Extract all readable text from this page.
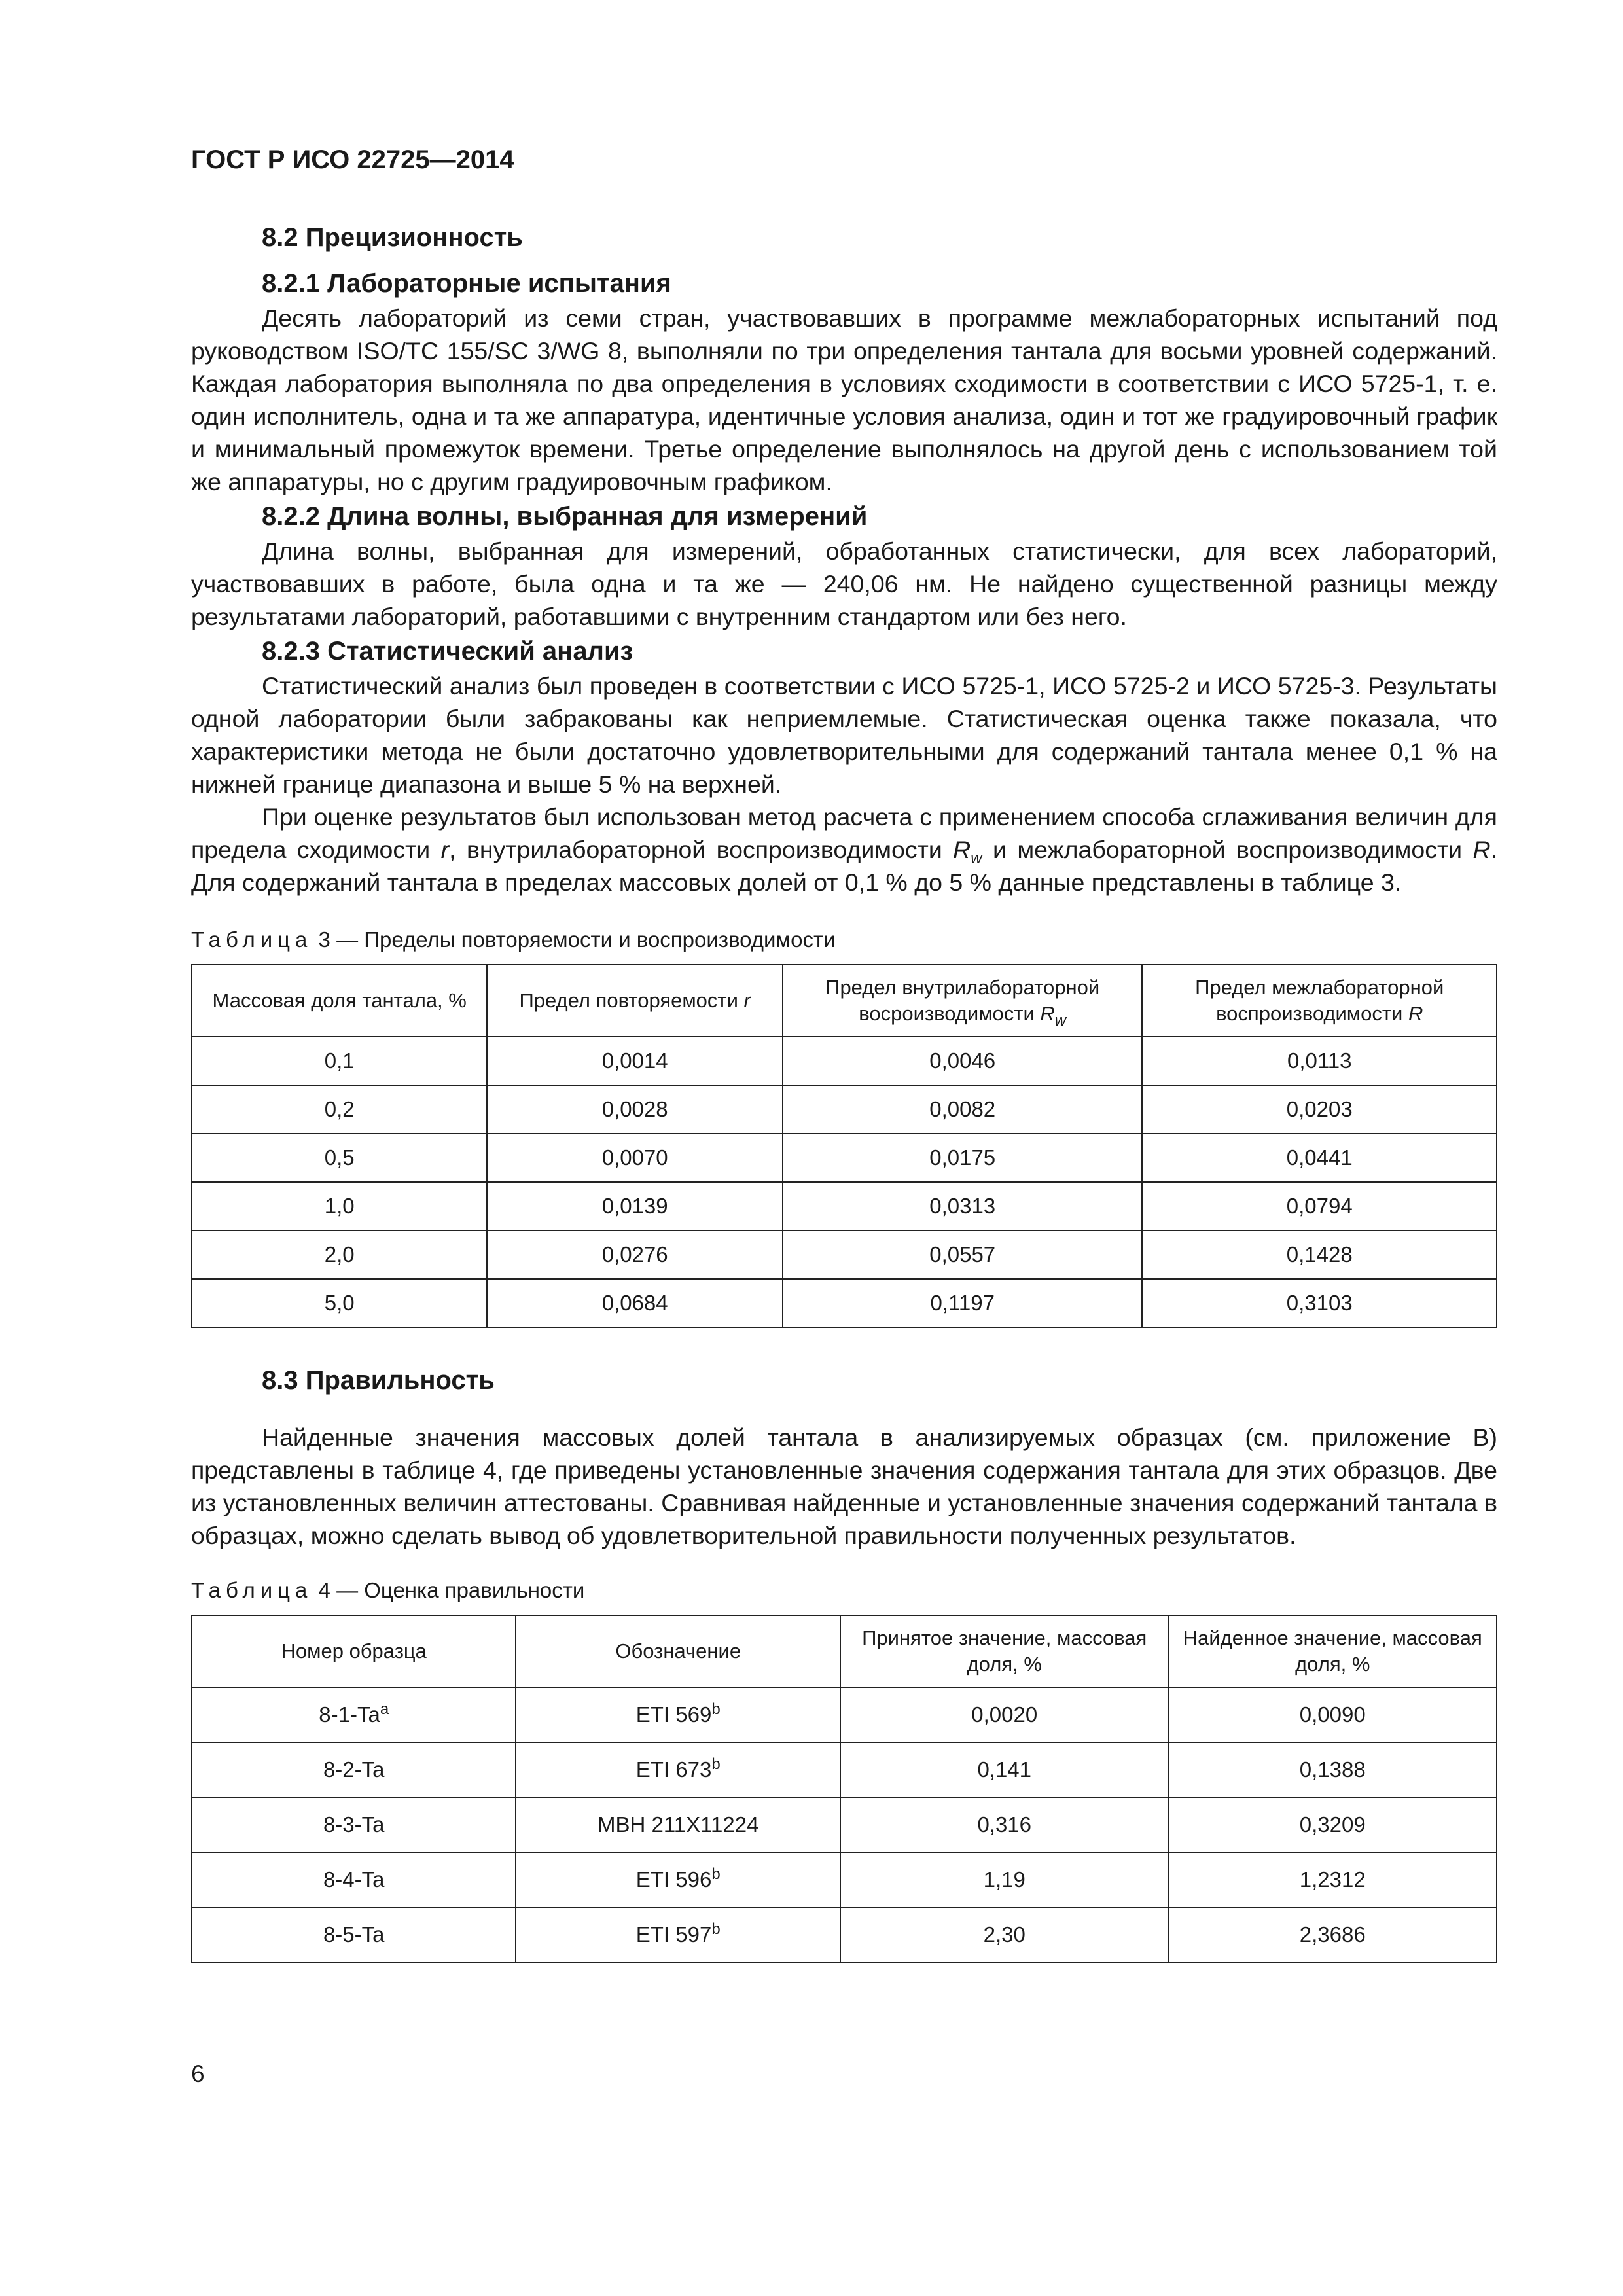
ГОСТ Р ИСО 22725—2014

8.2 Прецизионность

8.2.1 Лабораторные испытания

Десять лабораторий из семи стран, участвовавших в программе межлабораторных испытаний под руководством ISO/TC 155/SC 3/WG 8, выполняли по три определения тантала для восьми уровней содержаний. Каждая лаборатория выполняла по два определения в условиях сходимости в соответствии с ИСО 5725-1, т. е. один исполнитель, одна и та же аппаратура, идентичные условия анализа, один и тот же градуировочный график и минимальный промежуток времени. Третье определение выполнялось на другой день с использованием той же аппаратуры, но с другим градуировочным графиком.

8.2.2 Длина волны, выбранная для измерений

Длина волны, выбранная для измерений, обработанных статистически, для всех лабораторий, участвовавших в работе, была одна и та же — 240,06 нм. Не найдено существенной разницы между результатами лабораторий, работавшими с внутренним стандартом или без него.

8.2.3 Статистический анализ

Статистический анализ был проведен в соответствии с ИСО 5725-1, ИСО 5725-2 и ИСО 5725-3. Результаты одной лаборатории были забракованы как неприемлемые. Статистическая оценка также показала, что характеристики метода не были достаточно удовлетворительными для содержаний тантала менее 0,1 % на нижней границе диапазона и выше 5 % на верхней.

При оценке результатов был использован метод расчета с применением способа сглаживания величин для предела сходимости r, внутрилабораторной воспроизводимости $R_w$ и межлабораторной воспроизводимости R. Для содержаний тантала в пределах массовых долей от 0,1 % до 5 % данные представлены в таблице 3.

Таблица 3 — Пределы повторяемости и воспроизводимости

Массовая доля тантала, %	Предел повторяемости r	Предел внутрилабораторной восроизводимости $R_w$	Предел межлабораторной воспроизводимости R
0,1	0,0014	0,0046	0,0113
0,2	0,0028	0,0082	0,0203
0,5	0,0070	0,0175	0,0441
1,0	0,0139	0,0313	0,0794
2,0	0,0276	0,0557	0,1428
5,0	0,0684	0,1197	0,3103

8.3 Правильность

Найденные значения массовых долей тантала в анализируемых образцах (см. приложение В) представлены в таблице 4, где приведены установленные значения содержания тантала для этих образцов. Две из установленных величин аттестованы. Сравнивая найденные и установленные значения содержаний тантала в образцах, можно сделать вывод об удовлетворительной правильности полученных результатов.

Таблица 4 — Оценка правильности

Номер образца	Обозначение	Принятое значение, массовая доля, %	Найденное значение, массовая доля, %
8-1-Ta$^a$	ETI 569$^b$	0,0020	0,0090
8-2-Ta	ETI 673$^b$	0,141	0,1388
8-3-Ta	MBH 211X11224	0,316	0,3209
8-4-Ta	ETI 596$^b$	1,19	1,2312
8-5-Ta	ETI 597$^b$	2,30	2,3686

6
